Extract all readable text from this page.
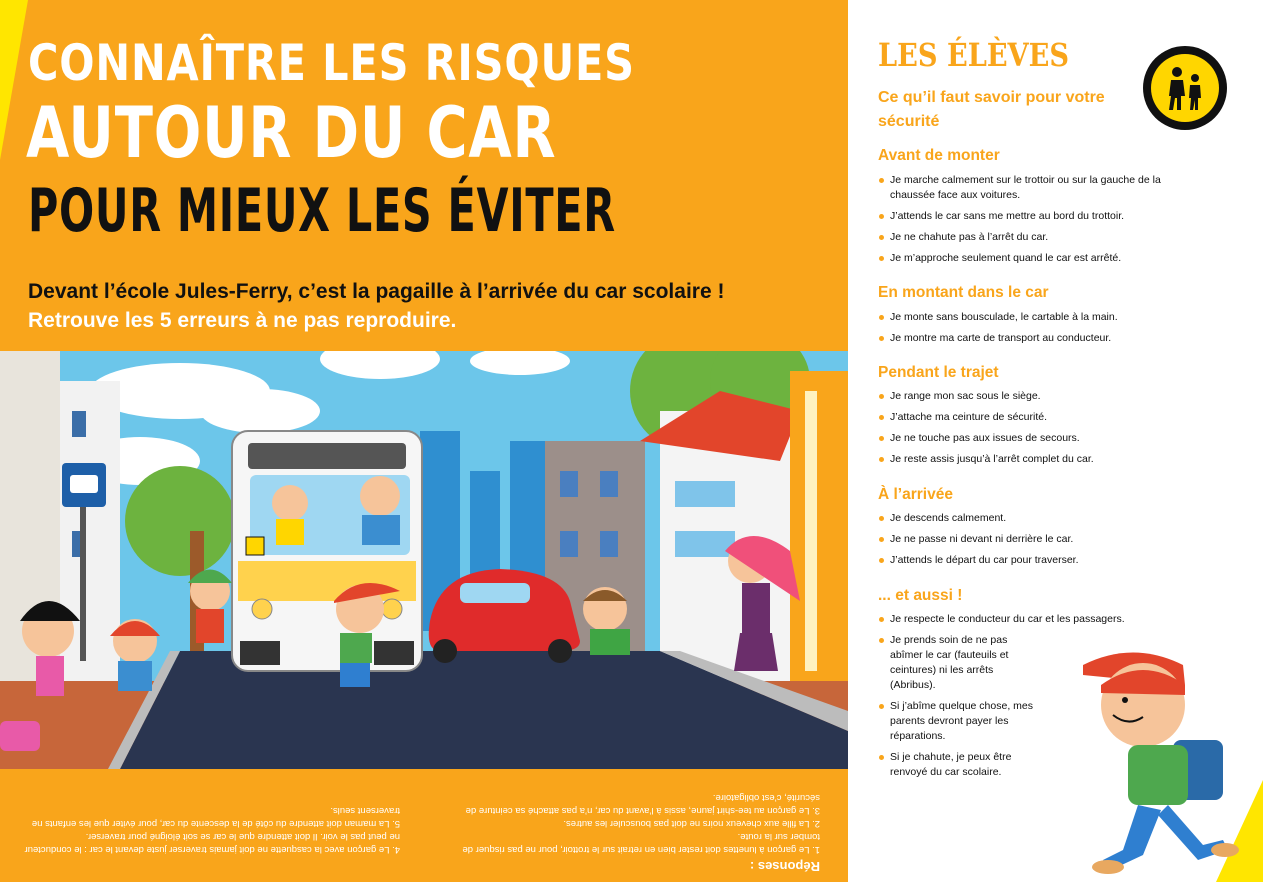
CONNAÎTRE LES RISQUES
AUTOUR DU CAR
POUR MIEUX LES ÉVITER
Devant l’école Jules-Ferry, c’est la pagaille à l’arrivée du car scolaire !
Retrouve les 5 erreurs à ne pas reproduire.
Réponses :

1. Le garçon à lunettes doit rester bien en retrait sur le trottoir, pour ne pas risquer de tomber sur la route.

2. La fille aux cheveux noirs ne doit pas bousculer les autres.

3. Le garçon au tee-shirt jaune, assis à l’avant du car, n’a pas attaché sa ceinture de sécurité, c’est obligatoire.

4. Le garçon avec la casquette ne doit jamais traverser juste devant le car : le conducteur ne peut pas le voir. Il doit attendre que le car se soit éloigné pour traverser.

5. La maman doit attendre du côté de la descente du car, pour éviter que les enfants ne traversent seuls.

LES ÉLÈVES
Ce qu’il faut savoir pour votre sécurité
Avant de monter
Je marche calmement sur le trottoir ou sur la gauche de la chaussée face aux voitures.
J’attends le car sans me mettre au bord du trottoir.
Je ne chahute pas à l’arrêt du car.
Je m’approche seulement quand le car est arrêté.
En montant dans le car
Je monte sans bousculade, le cartable à la main.
Je montre ma carte de transport au conducteur.
Pendant le trajet
Je range mon sac sous le siège.
J’attache ma ceinture de sécurité.
Je ne touche pas aux issues de secours.
Je reste assis jusqu’à l’arrêt complet du car.
À l’arrivée
Je descends calmement.
Je ne passe ni devant ni derrière le car.
J’attends le départ du car pour traverser.
... et aussi !
Je respecte le conducteur du car et les passagers.
Je prends soin de ne pas abîmer le car (fauteuils et ceintures) ni les arrêts (Abribus).
Si j’abîme quelque chose, mes parents devront payer les réparations.
Si je chahute, je peux être renvoyé du car scolaire.
